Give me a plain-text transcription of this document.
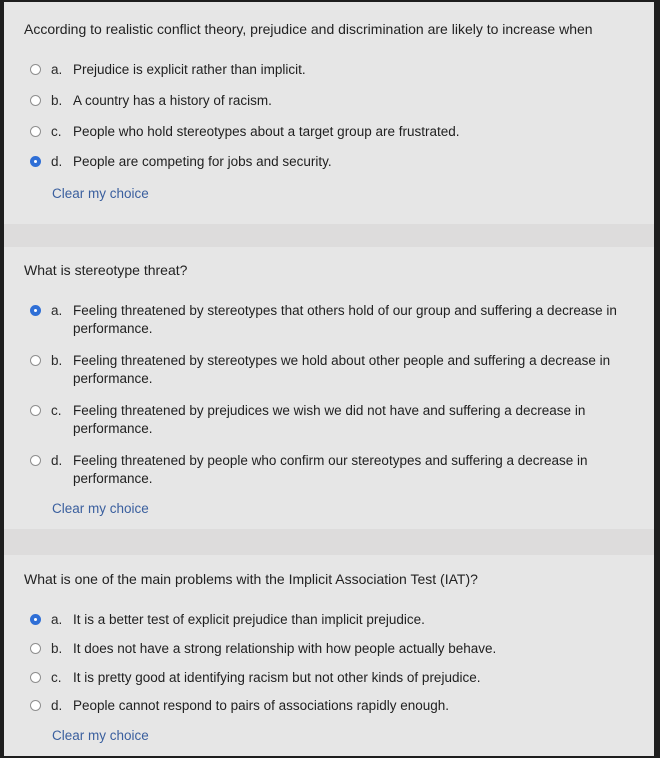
According to realistic conflict theory, prejudice and discrimination are likely to increase when
a. Prejudice is explicit rather than implicit.
b. A country has a history of racism.
c. People who hold stereotypes about a target group are frustrated.
d. People are competing for jobs and security.
Clear my choice
What is stereotype threat?
a. Feeling threatened by stereotypes that others hold of our group and suffering a decrease in performance.
b. Feeling threatened by stereotypes we hold about other people and suffering a decrease in performance.
c. Feeling threatened by prejudices we wish we did not have and suffering a decrease in performance.
d. Feeling threatened by people who confirm our stereotypes and suffering a decrease in performance.
Clear my choice
What is one of the main problems with the Implicit Association Test (IAT)?
a. It is a better test of explicit prejudice than implicit prejudice.
b. It does not have a strong relationship with how people actually behave.
c. It is pretty good at identifying racism but not other kinds of prejudice.
d. People cannot respond to pairs of associations rapidly enough.
Clear my choice
